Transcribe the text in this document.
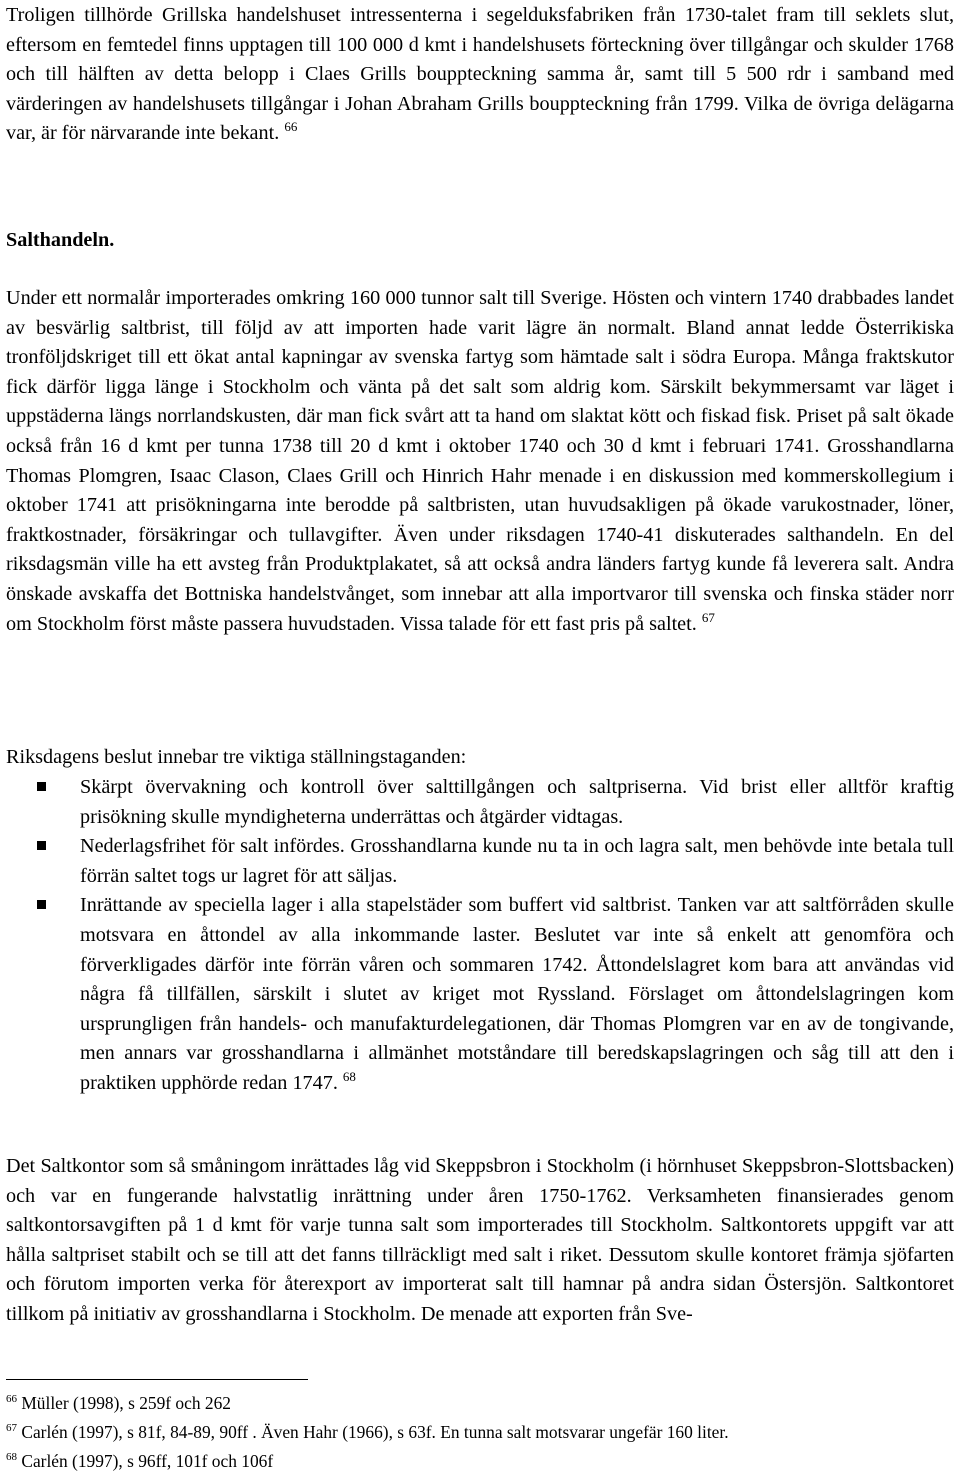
Troligen tillhörde Grillska handelshuset intressenterna i segelduksfabriken från 1730-talet fram till seklets slut, eftersom en femtedel finns upptagen till 100 000 d kmt i handelshusets förteckning över tillgångar och skulder 1768 och till hälften av detta belopp i Claes Grills bouppteckning samma år, samt till 5 500 rdr i samband med värderingen av handelshusets tillgångar i Johan Abraham Grills bouppteckning från 1799. Vilka de övriga delägarna var, är för närvarande inte bekant. $^{66}$

Salthandeln.

Under ett normalår importerades omkring 160 000 tunnor salt till Sverige. Hösten och vintern 1740 drabbades landet av besvärlig saltbrist, till följd av att importen hade varit lägre än normalt. Bland annat ledde Österrikiska tronföljdskriget till ett ökat antal kapningar av svenska fartyg som hämtade salt i södra Europa. Många fraktskutor fick därför ligga länge i Stockholm och vänta på det salt som aldrig kom. Särskilt bekymmersamt var läget i uppstäderna längs norrlandskusten, där man fick svårt att ta hand om slaktat kött och fiskad fisk. Priset på salt ökade också från 16 d kmt per tunna 1738 till 20 d kmt i oktober 1740 och 30 d kmt i februari 1741. Grosshandlarna Thomas Plomgren, Isaac Clason, Claes Grill och Hinrich Hahr menade i en diskussion med kommerskollegium i oktober 1741 att prisökningarna inte berodde på saltbristen, utan huvudsakligen på ökade varukostnader, löner, fraktkostnader, försäkringar och tullavgifter. Även under riksdagen 1740-41 diskuterades salthandeln. En del riksdagsmän ville ha ett avsteg från Produktplakatet, så att också andra länders fartyg kunde få leverera salt. Andra önskade avskaffa det Bottniska handelstvånget, som innebar att alla importvaror till svenska och finska städer norr om Stockholm först måste passera huvudstaden. Vissa talade för ett fast pris på saltet. $^{67}$

Riksdagens beslut innebar tre viktiga ställningstaganden:

Skärpt övervakning och kontroll över salttillgången och saltpriserna. Vid brist eller alltför kraftig prisökning skulle myndigheterna underrättas och åtgärder vidtagas.
Nederlagsfrihet för salt infördes. Grosshandlarna kunde nu ta in och lagra salt, men behövde inte betala tull förrän saltet togs ur lagret för att säljas.
Inrättande av speciella lager i alla stapelstäder som buffert vid saltbrist. Tanken var att saltförråden skulle motsvara en åttondel av alla inkommande laster. Beslutet var inte så enkelt att genomföra och förverkligades därför inte förrän våren och sommaren 1742. Åttondelslagret kom bara att användas vid några få tillfällen, särskilt i slutet av kriget mot Ryssland. Förslaget om åttondelslagringen kom ursprungligen från handels- och manufakturdelegationen, där Thomas Plomgren var en av de tongivande, men annars var grosshandlarna i allmänhet motståndare till beredskapslagringen och såg till att den i praktiken upphörde redan 1747. $^{68}$

Det Saltkontor som så småningom inrättades låg vid Skeppsbron i Stockholm (i hörnhuset Skeppsbron-Slottsbacken) och var en fungerande halvstatlig inrättning under åren 1750-1762. Verksamheten finansierades genom saltkontorsavgiften på 1 d kmt för varje tunna salt som importerades till Stockholm. Saltkontorets uppgift var att hålla saltpriset stabilt och se till att det fanns tillräckligt med salt i riket. Dessutom skulle kontoret främja sjöfarten och förutom importen verka för återexport av importerat salt till hamnar på andra sidan Östersjön. Saltkontoret tillkom på initiativ av grosshandlarna i Stockholm. De menade att exporten från Sve-

$^{66}$ Müller (1998), s 259f och 262

$^{67}$ Carlén (1997), s 81f, 84-89, 90ff . Även Hahr (1966), s 63f. En tunna salt motsvarar ungefär 160 liter.

$^{68}$ Carlén (1997), s 96ff, 101f och 106f
